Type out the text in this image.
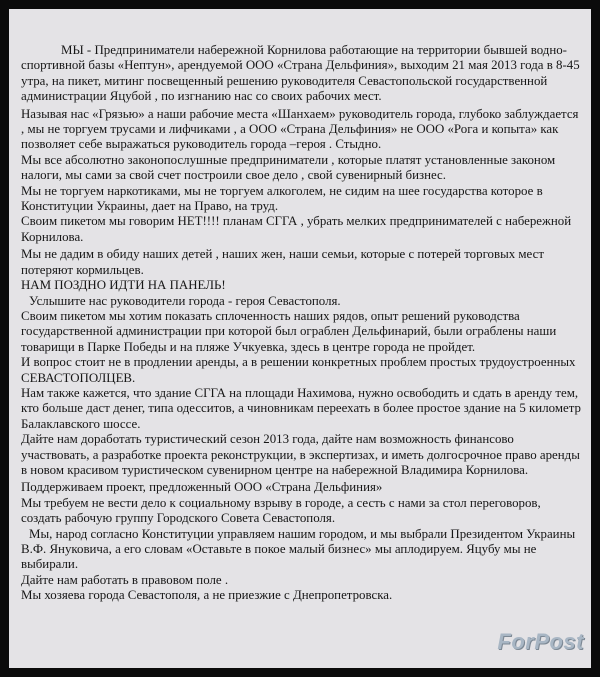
МЫ - Предприниматели набережной Корнилова работающие на территории бывшей водно-спортивной базы «Нептун», арендуемой ООО «Страна Дельфиния», выходим 21 мая 2013 года в 8-45 утра, на пикет, митинг посвещенный решению руководителя Севастопольской государственной администрации Яцубой , по изгнанию нас со своих рабочих мест.

Называя нас «Грязью» а наши рабочие места «Шанхаем» руководитель города, глубоко заблуждается , мы не торгуем трусами и лифчиками , а ООО «Страна Дельфиния» не ООО «Рога и копыта» как позволяет себе выражаться руководитель города –героя . Стыдно.

Мы все абсолютно законопослушные предприниматели , которые платят установленные законом налоги, мы сами за свой счет построили свое дело , свой сувенирный бизнес.

Мы не торгуем наркотиками, мы не торгуем алкоголем, не сидим на шее государства которое в Конституции Украины, дает на Право, на труд.

Своим пикетом мы говорим НЕТ!!!! планам СГГА , убрать мелких предпринимателей с набережной Корнилова.

Мы не дадим в обиду наших детей , наших жен, наши семьи, которые с потерей торговых мест потеряют кормильцев.

НАМ ПОЗДНО ИДТИ НА ПАНЕЛЬ!

Услышите нас руководители города - героя Севастополя.

Своим пикетом мы хотим показать сплоченность наших рядов, опыт решений руководства государственной администрации при которой был ограблен Дельфинарий, были ограблены наши товарищи в Парке Победы и на пляже Учкуевка, здесь в центре города не пройдет.

И вопрос стоит не в продлении аренды, а в решении конкретных проблем простых трудоустроенных СЕВАСТОПОЛЦЕВ.

Нам также кажется, что здание СГГА на площади Нахимова, нужно освободить и сдать в аренду тем, кто больше даст денег, типа одесситов, а чиновникам переехать в более простое здание на 5 километр Балаклавского шоссе.

Дайте нам доработать туристический сезон 2013 года, дайте нам возможность финансово участвовать, а разработке проекта реконструкции, в экспертизах, и иметь долгосрочное право аренды в новом красивом туристическом сувенирном центре на набережной Владимира Корнилова.

Поддерживаем проект, предложенный ООО «Страна Дельфиния»

Мы требуем не вести дело к социальному взрыву в городе, а сесть с нами за стол переговоров, создать рабочую группу Городского Совета Севастополя.

Мы, народ согласно Конституции управляем нашим городом, и мы выбрали Президентом Украины В.Ф. Януковича, а его словам «Оставьте в покое малый бизнес» мы аплодируем. Яцубу мы не выбирали.

Дайте нам работать в правовом поле .

Мы хозяева города Севастополя, а не приезжие с Днепропетровска.

ForPost
